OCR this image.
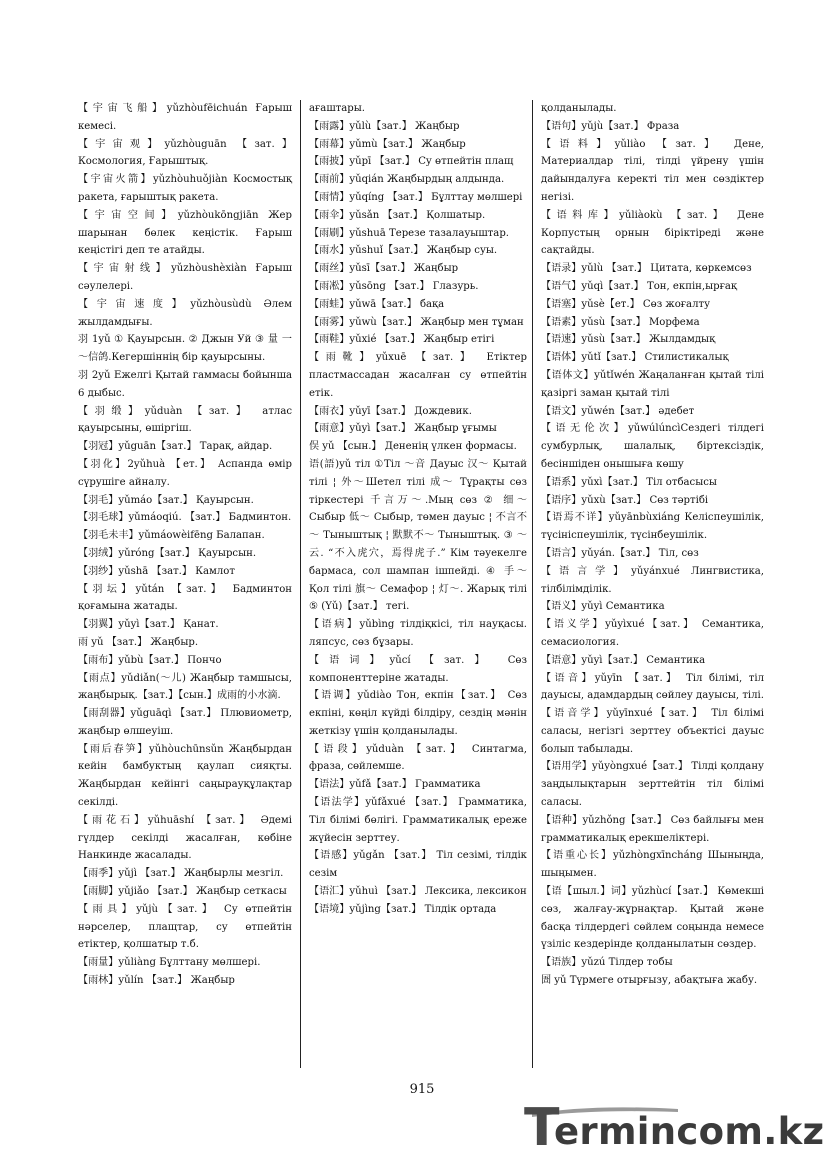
【宇宙飞船】yǔzhòufēichuán Ғарыш кемесі.

【宇宙观】yǔzhòuguān 【зат.】 Космология, Ғарыштық.

【宇宙火箭】yǔzhòuhuǒjiàn Космостық ракета, ғарыштық ракета.

【宇宙空间】yǔzhòukōngjiān Жер шарынан бөлек кеңістік. Ғарыш кеңістігі деп те атайды.

【宇宙射线】yǔzhòushèxiàn Ғарыш сәулелері.

【宇宙速度】yǔzhòusùdù Әлем жылдамдығы.

羽 1yǔ ① Қауырсын. ② Джын Уй ③ 量 一～信鸽.Кегершіннің бір қауырсыны.

羽 2yǔ Ежелгі Қытай гаммасы бойынша 6 дыбыс.

【羽缎】yǔduàn 【зат.】 атлас қауырсыны, өшіргіш.

【羽冠】yǔguān【зат.】 Тарақ, айдар.

【羽化】2yǔhuà 【ет.】 Аспанда өмір сүрушіге айналу.

【羽毛】yǔmáo【зат.】 Қауырсын.

【羽毛球】yǔmáoqiú. 【зат.】 Бадминтон.

【羽毛未丰】yǔmáowèifēng Балапан.

【羽绒】yǔróng【зат.】 Қауырсын.

【羽纱】yǔshā 【зат.】 Камлот

【羽坛】yǔtán 【зат.】 Бадминтон қоғамына жатады.

【羽翼】yǔyì【зат.】 Қанат.

雨 yǔ 【зат.】 Жаңбыр.

【雨布】yǔbù【зат.】 Пончо

【雨点】yǔdiǎn(～儿) Жаңбыр тамшысы, жаңбырық.【зат.】【сын.】成雨的小水滴.

【雨刮器】yǔguāqì 【зат.】 Плювиометр, жаңбыр өлшеуіш.

【雨后春笋】yǔhòuchūnsǔn Жаңбырдан кейін бамбуктың қаулап сияқты. Жаңбырдан кейінгі саңырауқұлақтар секілді.

【雨花石】yǔhuāshí 【зат.】 Әдемі гүлдер секілді жасалған, көбіне Нанкинде жасалады.

【雨季】yǔjì 【зат.】 Жаңбырлы мезгіл.

【雨脚】yǔjiǎo 【зат.】 Жаңбыр сеткасы

【雨具】yǔjù【зат.】 Су өтпейтін нәрселер, плащтар, су өтпейтін етіктер, қолшатыр т.б.

【雨量】yǔliàng Бұлттану мөлшері.

【雨林】yǔlín 【зат.】 Жаңбыр

ағаштары.

【雨露】yǔlù【зат.】 Жаңбыр

【雨幕】yǔmù【зат.】 Жаңбыр

【雨披】yǔpī 【зат.】 Су өтпейтін плащ

【雨前】yǔqián Жаңбырдың алдында.

【雨情】yǔqíng 【зат.】 Бұлттау мөлшері

【雨伞】yǔsǎn 【зат.】 Қолшатыр.

【雨刷】yǔshuā Терезе тазалауыштар.

【雨水】yǔshuǐ【зат.】 Жаңбыр суы.

【雨丝】yǔsī【зат.】 Жаңбыр

【雨凇】yǔsōng 【зат.】 Глазурь.

【雨蛙】yǔwā【зат.】 бақа

【雨雾】yǔwù【зат.】 Жаңбыр мен тұман

【雨鞋】yǔxié 【зат.】 Жаңбыр етігі

【雨靴】yǔxuē 【зат.】 Етіктер пластмассадан жасалған су өтпейтін етік.

【雨衣】yǔyī【зат.】 Дождевик.

【雨意】yǔyì【зат.】 Жаңбыр ұғымы

俣 yǔ 【сын.】 Дененің үлкен формасы.

语(語)yǔ тіл ①Тіл ～音 Дауыс 汉～ Қытай тілі ¦ 外～Шетел тілі 成～ Тұрақты сөз тіркестері 千言万～.Мың сөз ② 细～Сыбыр 低～ Сыбыр, төмен дауыс ¦ 不言不～ Тыныштық ¦ 默默不～ Тыныштық. ③ ～云. “不入虎穴，焉得虎子.” Кім тәуекелге бармаса, сол шампан ішпейді. ④ 手～ Қол тілі 旗～ Семафор ¦ 灯～. Жарық тілі ⑤ (Yǔ)【зат.】 тегі.

【语病】yǔbìng тілдіқкісі, тіл науқасы. ляпсус, сөз бұзары.

【语词】yǔcí 【зат.】 Сөз компоненттеріне жатады.

【语调】yǔdiào Тон, екпін【зат.】 Сөз екпіні, көңіл күйді білдіру, сездің мәнін жеткізу үшін қолданылады.

【语段】yǔduàn 【зат.】 Синтагма, фраза, сөйлемше.

【语法】yǔfǎ【зат.】 Грамматика

【语法学】yǔfǎxué 【зат.】 Грамматика, Тіл білімі бөлігі. Грамматикалық ереже жүйесін зерттеу.

【语感】yǔgǎn 【зат.】 Тіл сезімі, тілдік сезім

【语汇】yǔhuì 【зат.】 Лексика, лексикон

【语境】yǔjìng【зат.】 Тілдік ортада

қолданылады.

【语句】yǔjù【зат.】 Фраза

【语料】yǔliào 【зат.】 Дене, Материалдар тілі, тілді үйрену үшін дайындалуға керекті тіл мен сөздіктер негізі.

【语料库】yǔliàokù 【зат.】 Дене Корпустың орнын біріктіреді және сақтайды.

【语录】yǔlù 【зат.】 Цитата, көркемсөз

【语气】yǔqì【зат.】 Тон, екпін,ырғақ

【语塞】yǔsè【ет.】 Сөз жоғалту

【语素】yǔsù【зат.】 Морфема

【语速】yǔsù【зат.】 Жылдамдық

【语体】yǔtǐ【зат.】 Стилистикалық

【语体文】yǔtǐwén Жаңаланған қытай тілі қазіргі заман қытай тілі

【语文】yǔwén【зат.】 әдебет

【语无伦次】yǔwúlúncìСездегі тілдегі сумбурлық, шалалық, біртексіздік, бесіншіден онышыға көшу

【语系】yǔxì【зат.】 Тіл отбасысы

【语序】yǔxù【зат.】 Сөз тәртібі

【语焉不详】yǔyānbùxiáng Келіспеушілік, түсініспеушілік, түсінбеушілік.

【语言】yǔyán.【зат.】 Тіл, сөз

【语言学】yǔyánxué Лингвистика, тілбілімділік.

【语义】yǔyì Семантика

【语义学】yǔyìxué【зат.】 Семантика, семасиология.

【语意】yǔyì【зат.】 Семантика

【语音】yǔyīn 【зат.】 Тіл білімі, тіл дауысы, адамдардың сөйлеу дауысы, тілі.

【语音学】yǔyīnxué【зат.】 Тіл білімі саласы, негізгі зерттеу объектісі дауыс болып табылады.

【语用学】yǔyòngxué【зат.】 Тілді қолдану заңдылықтарын зерттейтін тіл білімі саласы.

【语种】yǔzhǒng【зат.】 Сөз байлығы мен грамматикалық ерекшеліктері.

【语重心长】yǔzhòngxīncháng Шыныңда, шыңымен.

【语【шыл.】词】yǔzhùcí【зат.】 Көмекші сөз, жалғау-жұрнақтар. Қытай және басқа тілдердегі сөйлем соңында немесе үзіліс кездерінде қолданылатын сөздер.

【语族】yǔzú Тілдер тобы

圄 yǔ Түрмеге отырғызу, абақтыға жабу.

915
T
ermincom.kz
